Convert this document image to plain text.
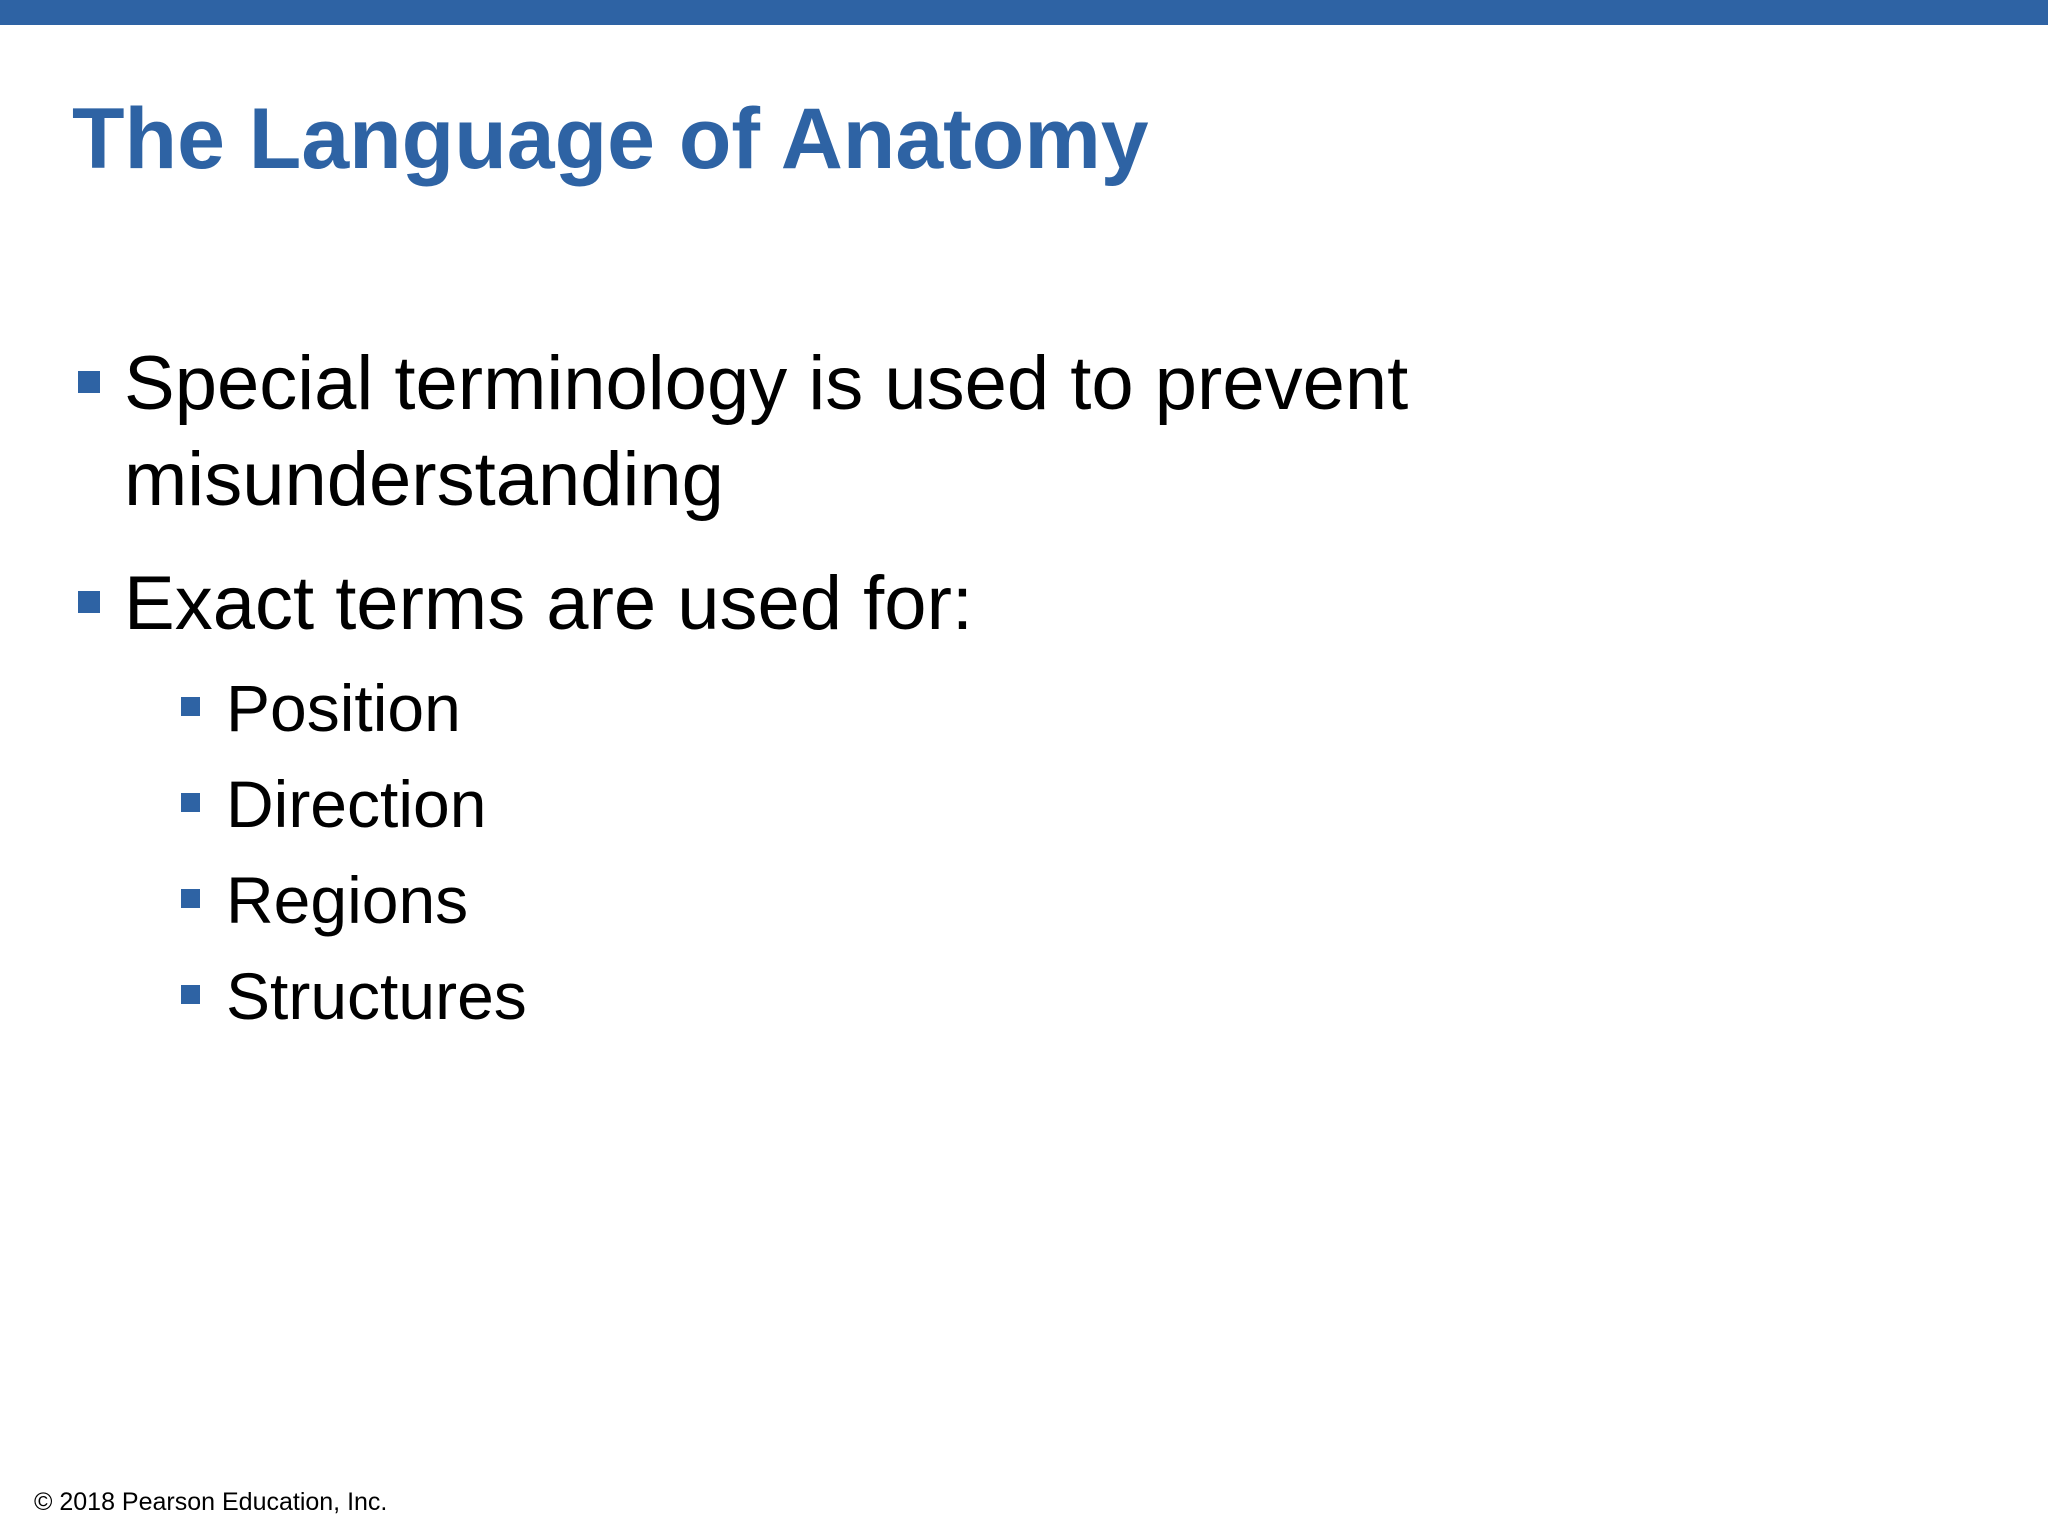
The Language of Anatomy
Special terminology is used to prevent
misunderstanding
Exact terms are used for:
Position
Direction
Regions
Structures
© 2018 Pearson Education, Inc.
